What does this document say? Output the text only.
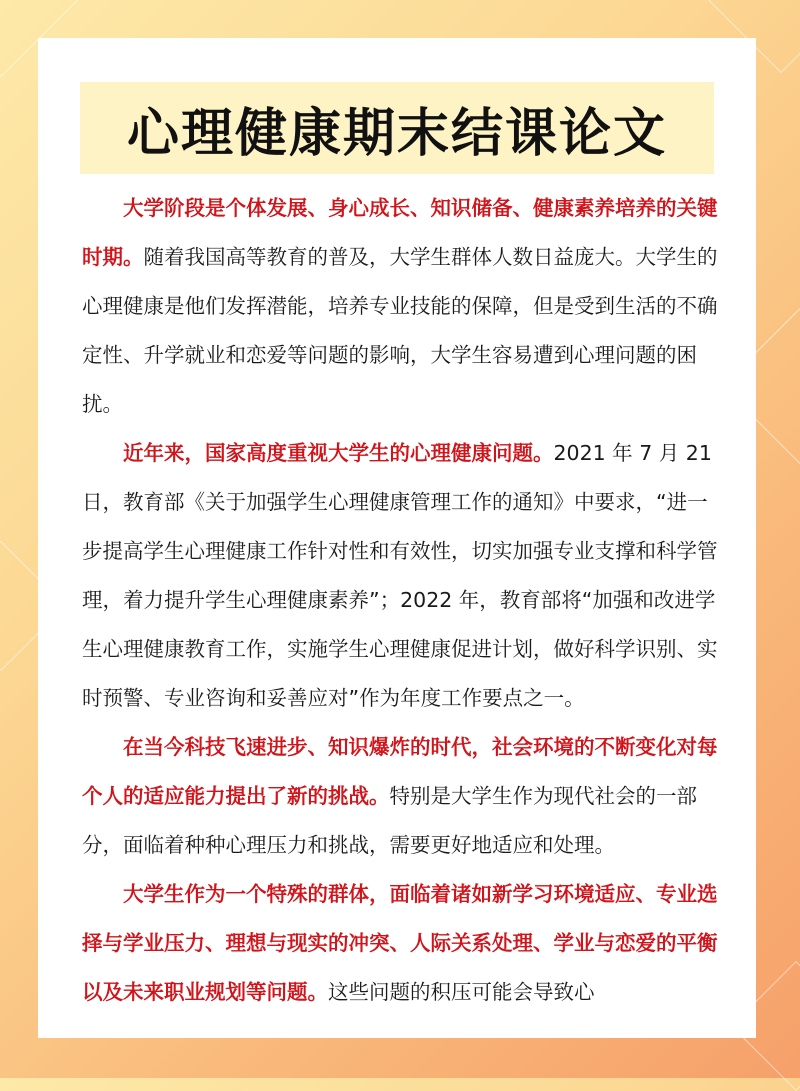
心理健康期末结课论文

大学阶段是个体发展、身心成长、知识储备、健康素养培养的关键时期。随着我国高等教育的普及，大学生群体人数日益庞大。大学生的心理健康是他们发挥潜能，培养专业技能的保障，但是受到生活的不确定性、升学就业和恋爱等问题的影响，大学生容易遭到心理问题的困扰。

近年来，国家高度重视大学生的心理健康问题。2021 年 7 月 21 日，教育部《关于加强学生心理健康管理工作的通知》中要求，“进一步提高学生心理健康工作针对性和有效性，切实加强专业支撑和科学管理，着力提升学生心理健康素养”；2022 年，教育部将“加强和改进学生心理健康教育工作，实施学生心理健康促进计划，做好科学识别、实时预警、专业咨询和妥善应对”作为年度工作要点之一。

在当今科技飞速进步、知识爆炸的时代，社会环境的不断变化对每个人的适应能力提出了新的挑战。特别是大学生作为现代社会的一部分，面临着种种心理压力和挑战，需要更好地适应和处理。

大学生作为一个特殊的群体，面临着诸如新学习环境适应、专业选择与学业压力、理想与现实的冲突、人际关系处理、学业与恋爱的平衡以及未来职业规划等问题。这些问题的积压可能会导致心
